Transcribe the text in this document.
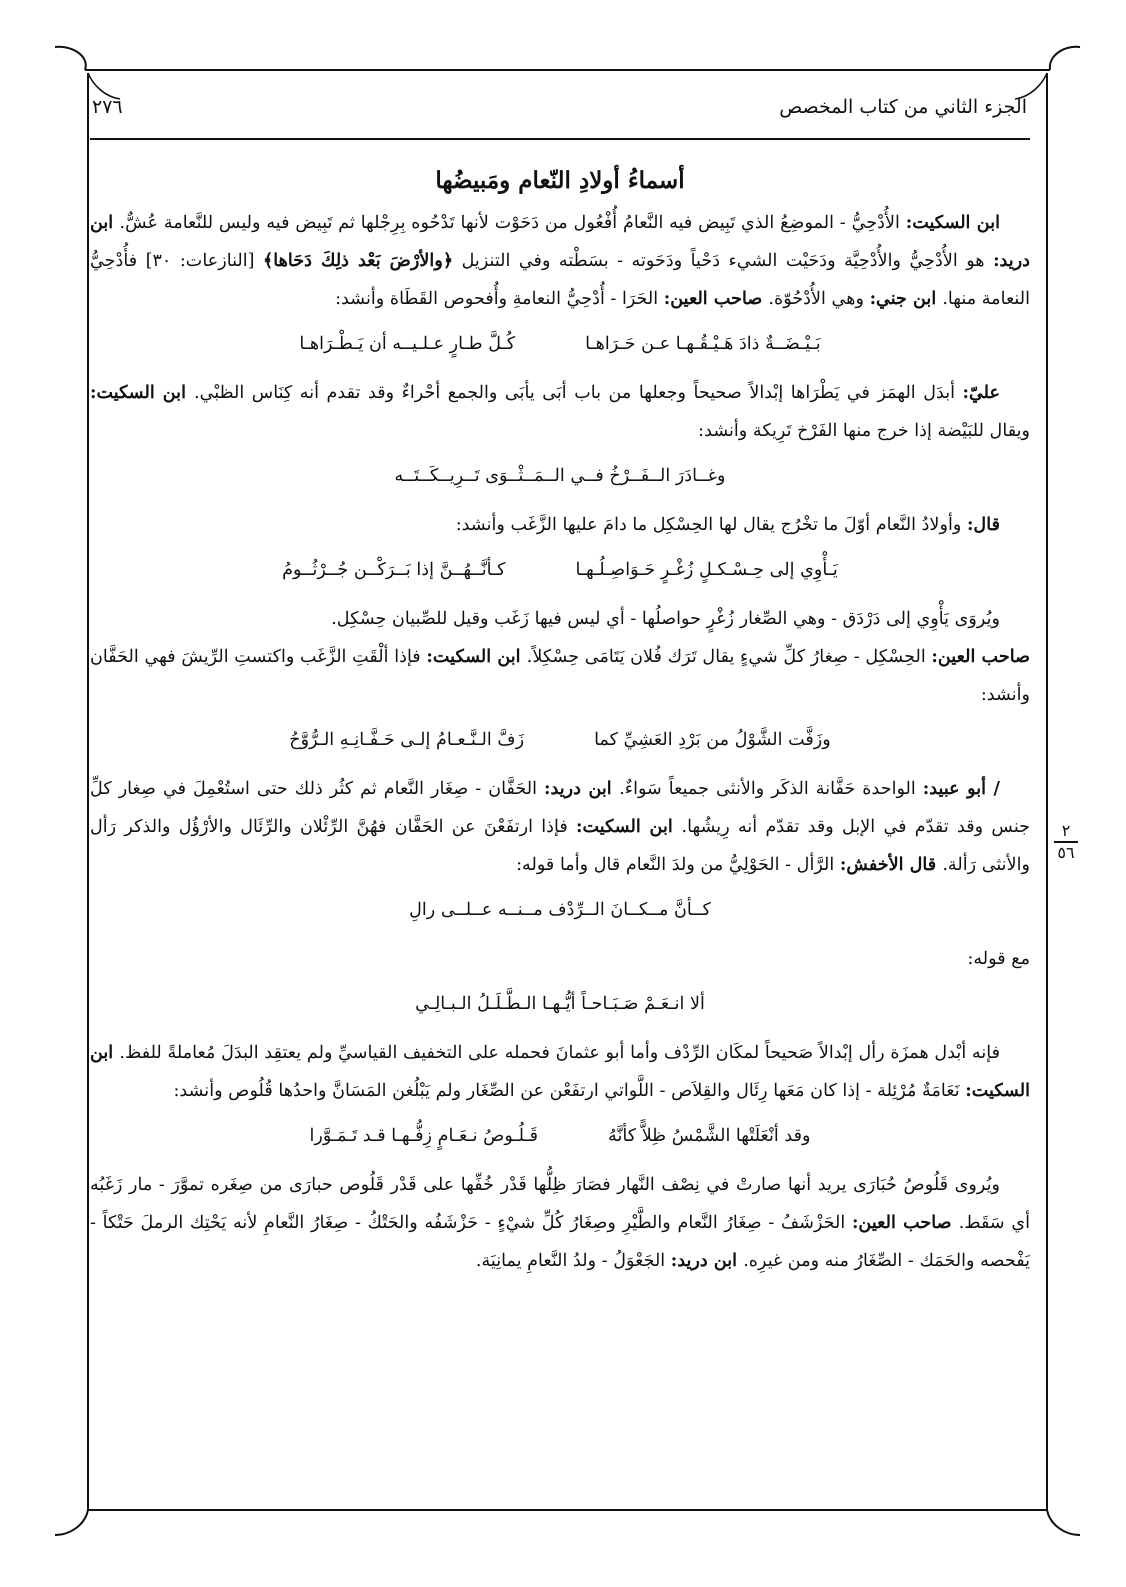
الجزء الثاني من كتاب المخصص
٢٧٦
٢
٥٦
أسماءُ أولادِ النّعام ومَبيضُها

ابن السكيت: الأُدْحِيُّ - الموضِعُ الذي تَبِيض فيه النَّعامُ أُفْعُول من دَحَوْت لأنها تَدْحُوه بِرِجْلها ثم تَبِيض فيه وليس للنَّعامة عُشٌّ. ابن دريد: هو الأُدْحِيُّ والأُدْحِيَّة ودَحَيْت الشيء دَحْياً ودَحَوته - بسَطْته وفي التنزيل ﴿والأرْضَ بَعْد ذلِكَ دَحَاها﴾ [النازعات: ٣٠] فأُدْحِيُّ النعامة منها. ابن جني: وهي الأُدْحُوّة. صاحب العين: الحَرَا - أُدْحِيُّ النعامةِ وأُفحوص القَطَاة وأنشد:

بَـيْـضَــةٌ ذادَ هَـيْـقُـهـا عـن حَـرَاهـا
كُـلَّ طـارٍ عـلـيــه أن يَـطْـرَاهـا

عليّ: أبدَل الهمَز في يَطْرَاها إبْدالاً صحيحاً وجعلها من باب أبَى يأبَى والجمع أحْراءٌ وقد تقدم أنه كِنَاس الظبْي. ابن السكيت: ويقال للبَيْضة إذا خرج منها الفَرْخ تَرِيكة وأنشد:

وغــادَرَ الــفَــرْخُ فــي الــمَــثْــوَى تَــرِيــكَــتَــه

قال: وأولادُ النَّعام أوّلَ ما تخْرُج يقال لها الحِسْكِل ما دامَ عليها الزَّغَب وأنشد:

يَـأْوِي إلى حِـسْـكـلٍ زُغْـرٍ حَـوَاصِـلُـهـا
كـأنَّــهُــنَّ إذا بَــرَكْــن جُــرْثُــومُ

ويُروَى يَأْوِي إلى دَرْدَق - وهي الصِّغار زُغْرٍ حواصلُها - أي ليس فيها زَغَب وقيل للصِّبيان حِسْكِل.

صاحب العين: الحِسْكِل - صِغارُ كلِّ شيءٍ يقال تَرَك فُلان يَتَامَى حِسْكِلاً. ابن السكيت: فإذا ألْقَتِ الزَّغَب واكتستِ الرِّيشَ فهي الحَفَّان وأنشد:

وزَفَّت الشَّوْلُ من بَرْدِ العَشِيِّ كما
زَفَّ الـنَّـعـامُ إلـى حَـفَّـانِـهِ الـرُّوَّحُ

/ أبو عبيد: الواحدة حَفَّانة الذكَر والأنثى جميعاً سَواءٌ. ابن دريد: الحَفَّان - صِغَار النَّعام ثم كثُر ذلك حتى استُعْمِلَ في صِغار كلِّ جنس وقد تقدّم في الإبل وقد تقدّم أنه رِيشُها. ابن السكيت: فإذا ارتفَعْنَ عن الحَفَّان فهُنَّ الرِّئْلان والرِّئَال والأرْؤُل والذكر رَأل والأنثى رَألة. قال الأخفش: الرَّأل - الحَوْلِيُّ من ولدَ النَّعام قال وأما قوله:

كــأنَّ مــكــانَ الــرِّدْف مــنــه عــلــى رالِ

مع قوله:

ألا انـعَـمْ صَـبَـاحـاً أيُّـهـا الـطَّـلَـلُ الـبـالِـي

فإنه أبْدل همزَة رأل إبْدالاً صَحيحاً لمكَان الرِّدْف وأما أبو عثمانَ فحمله على التخفيف القياسيِّ ولم يعتقِد البدَلَ مُعاملةً للفظ. ابن السكيت: نَعَامَةٌ مُرْئِلة - إذا كان مَعَها رِئَال والقِلاَص - اللَّواتي ارتفَعْن عن الصِّغَار ولم يَبْلُغن المَسَانَّ واحدُها قُلُوص وأنشد:

وقد أنْعَلَتْها الشَّمْسُ ظِلاًّ كأنَّهُ
قَـلُـوصُ نـعَـامٍ زِفُّـهـا قـد تَـمَـوَّرا

ويُروى قَلُوصُ حُبَارَى يريد أنها صارتْ في نِصْف النَّهار فصَارَ ظِلُّها قَدْر خُفِّها على قَدْر قَلُوص حبارَى من صِغَره تموَّرَ - مار زَغَبُه أي سَقَط. صاحب العين: الحَزْشَفُ - صِغَارُ النَّعام والطَّيْرِ وصِغَارُ كُلِّ شيْءٍ - حَزْشَفُه والحَتْكُ - صِغَارُ النَّعامِ لأنه يَحْتِك الرملَ حَتْكاً - يَفْحصه والحَمَك - الصِّغَارُ منه ومن غيرِه. ابن دريد: الجَعْوَلُ - ولدُ النَّعامِ يمانِيَة.
